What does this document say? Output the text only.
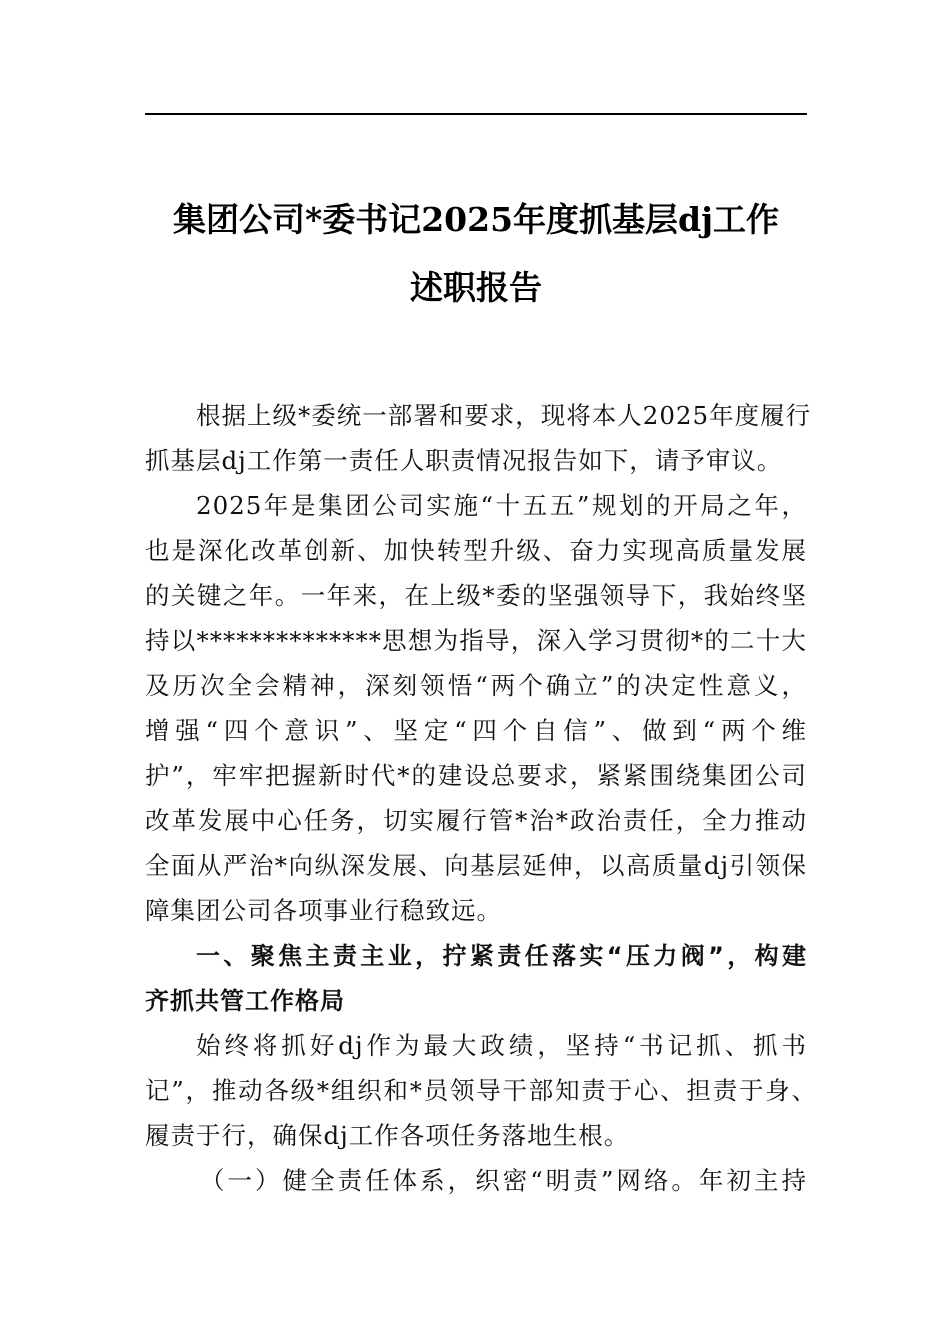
集团公司*委书记2025年度抓基层dj工作
述职报告
根据上级*委统一部署和要求，现将本人2025年度履行
抓基层dj工作第一责任人职责情况报告如下，请予审议。
2025年是集团公司实施“十五五”规划的开局之年，
也是深化改革创新、加快转型升级、奋力实现高质量发展
的关键之年。一年来，在上级*委的坚强领导下，我始终坚
持以**************思想为指导，深入学习贯彻*的二十大
及历次全会精神，深刻领悟“两个确立”的决定性意义，
增强“四个意识”、坚定“四个自信”、做到“两个维
护”，牢牢把握新时代*的建设总要求，紧紧围绕集团公司
改革发展中心任务，切实履行管*治*政治责任，全力推动
全面从严治*向纵深发展、向基层延伸，以高质量dj引领保
障集团公司各项事业行稳致远。
一、聚焦主责主业，拧紧责任落实“压力阀”，构建
齐抓共管工作格局
始终将抓好dj作为最大政绩，坚持“书记抓、抓书
记”，推动各级*组织和*员领导干部知责于心、担责于身、
履责于行，确保dj工作各项任务落地生根。
（一）健全责任体系，织密“明责”网络。年初主持
